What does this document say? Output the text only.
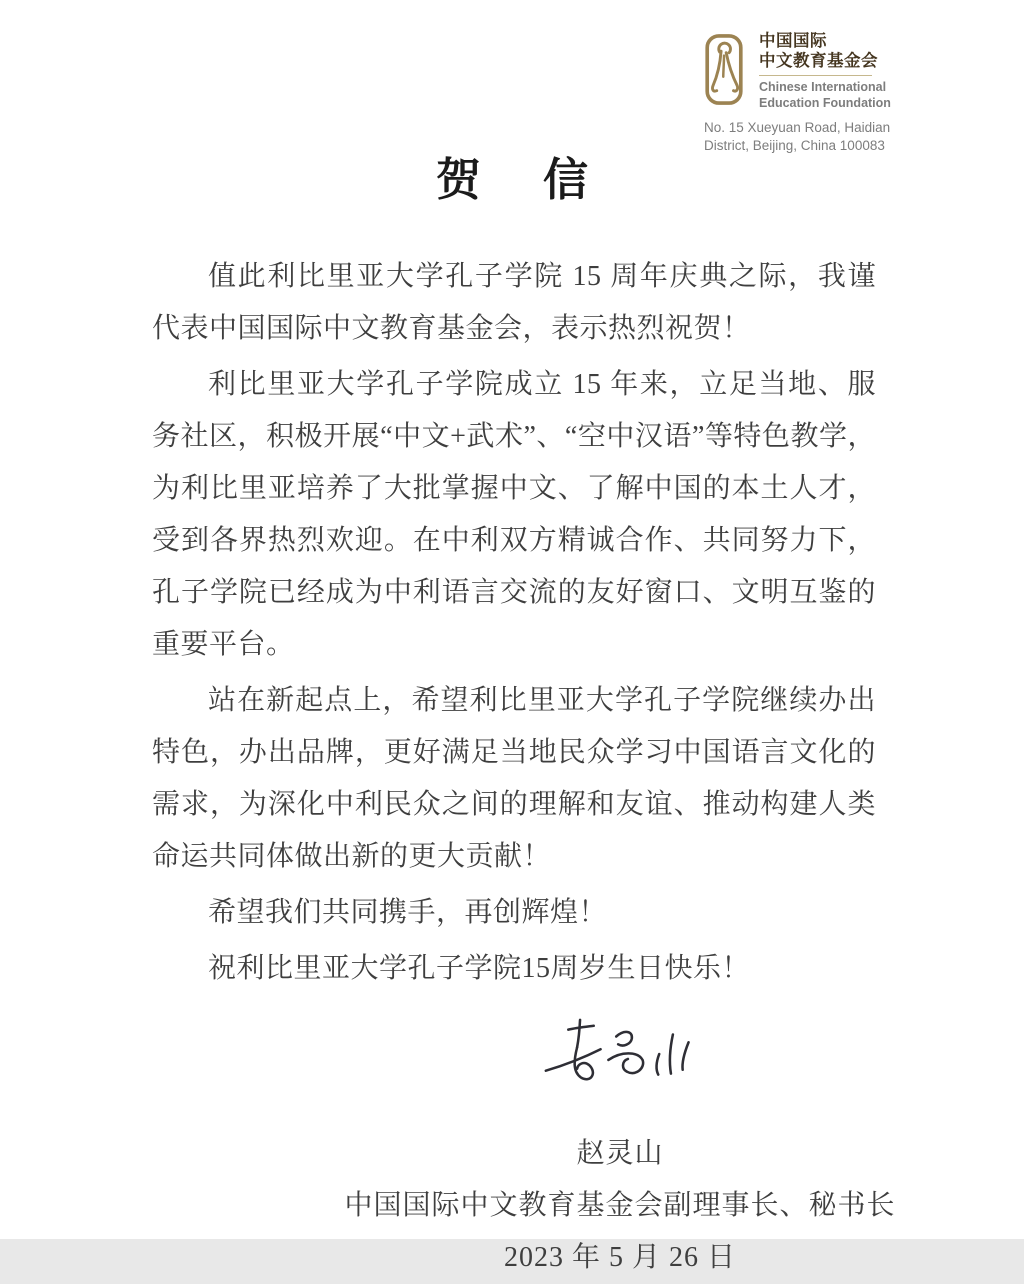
中国国际
中文教育基金会
Chinese International
Education Foundation
No. 15 Xueyuan Road, Haidian
District, Beijing, China 100083
贺 信

值此利比里亚大学孔子学院 15 周年庆典之际，我谨代表中国国际中文教育基金会，表示热烈祝贺！

利比里亚大学孔子学院成立 15 年来，立足当地、服务社区，积极开展“中文+武术”、“空中汉语”等特色教学，为利比里亚培养了大批掌握中文、了解中国的本土人才，受到各界热烈欢迎。在中利双方精诚合作、共同努力下，孔子学院已经成为中利语言交流的友好窗口、文明互鉴的重要平台。

站在新起点上，希望利比里亚大学孔子学院继续办出特色，办出品牌，更好满足当地民众学习中国语言文化的需求，为深化中利民众之间的理解和友谊、推动构建人类命运共同体做出新的更大贡献！

希望我们共同携手，再创辉煌！

祝利比里亚大学孔子学院15周岁生日快乐！

赵灵山
中国国际中文教育基金会副理事长、秘书长
2023 年 5 月 26 日
